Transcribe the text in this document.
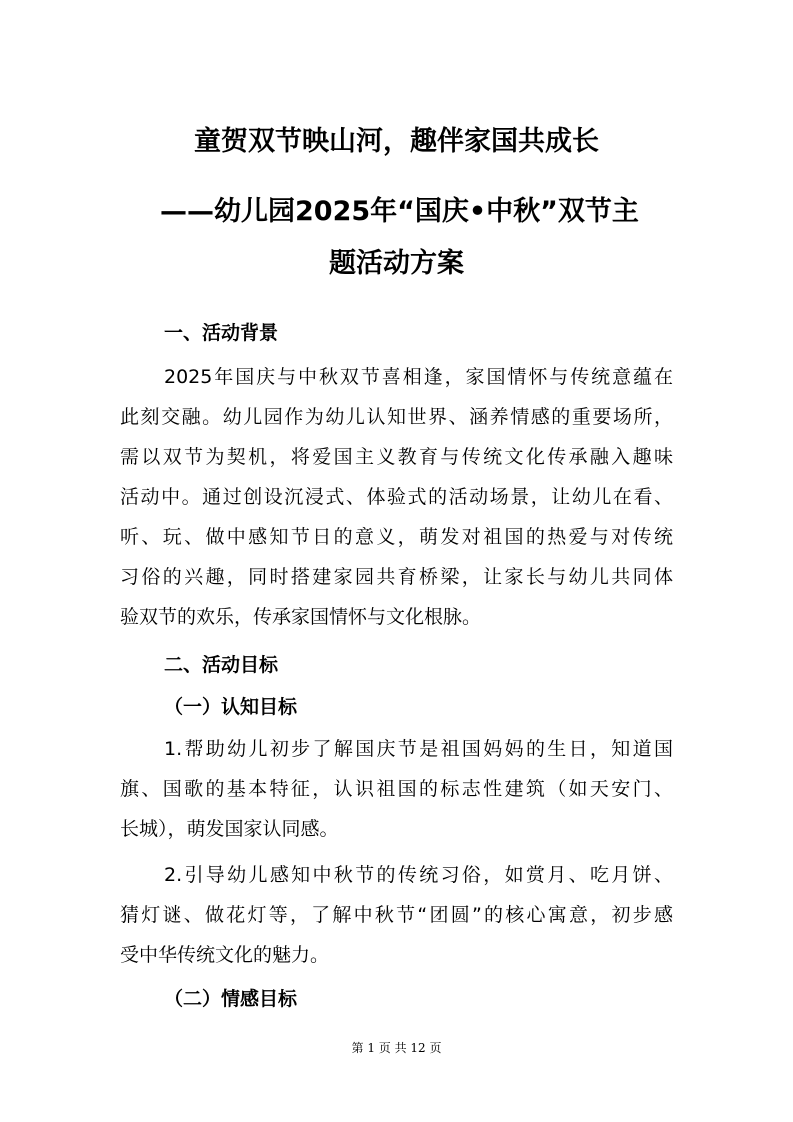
童贺双节映山河，趣伴家国共成长
——幼儿园2025年“国庆•中秋”双节主
题活动方案
一、活动背景
2025年国庆与中秋双节喜相逢，家国情怀与传统意蕴在
此刻交融。幼儿园作为幼儿认知世界、涵养情感的重要场所，
需以双节为契机，将爱国主义教育与传统文化传承融入趣味
活动中。通过创设沉浸式、体验式的活动场景，让幼儿在看、
听、玩、做中感知节日的意义，萌发对祖国的热爱与对传统
习俗的兴趣，同时搭建家园共育桥梁，让家长与幼儿共同体
验双节的欢乐，传承家国情怀与文化根脉。
二、活动目标
（一）认知目标
1.帮助幼儿初步了解国庆节是祖国妈妈的生日，知道国
旗、国歌的基本特征，认识祖国的标志性建筑（如天安门、
长城），萌发国家认同感。
2.引导幼儿感知中秋节的传统习俗，如赏月、吃月饼、
猜灯谜、做花灯等，了解中秋节“团圆”的核心寓意，初步感
受中华传统文化的魅力。
（二）情感目标
第 1 页 共 12 页
